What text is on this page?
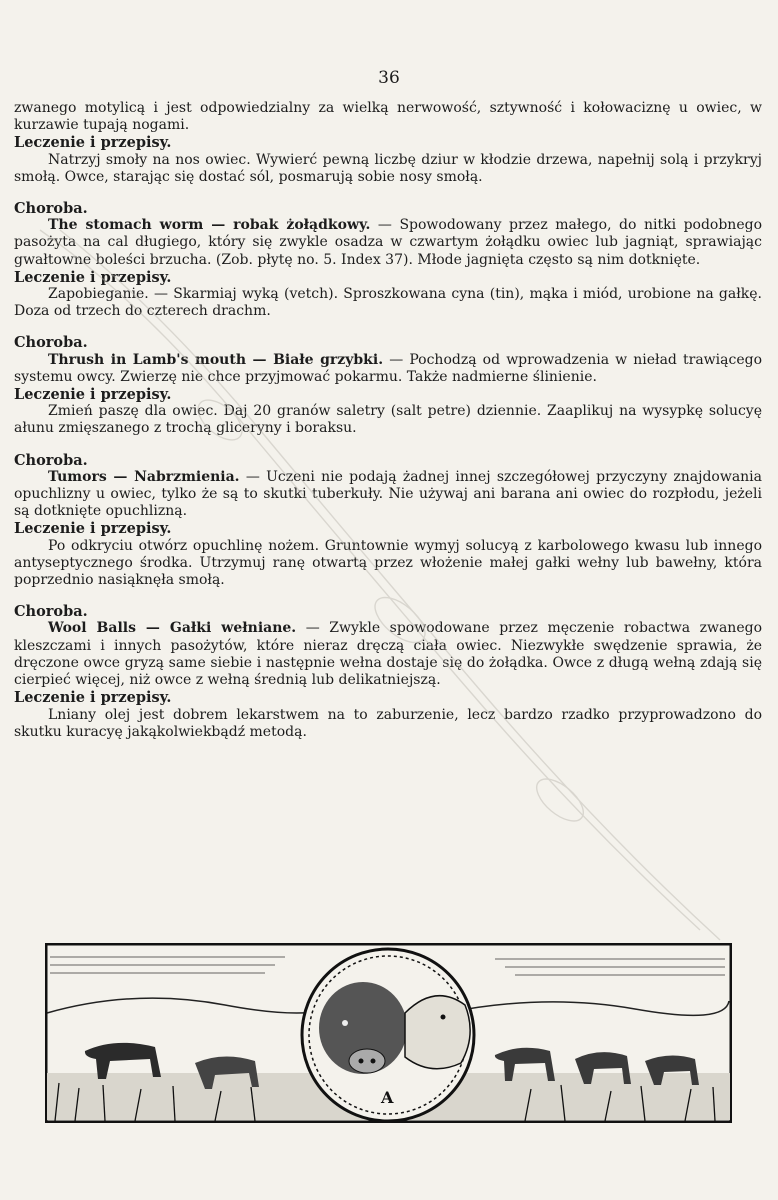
36

zwanego motylicą i jest odpowiedzialny za wielką nerwowość, sztywność i kołowaciznę u owiec, w kurzawie tupają nogami.

Leczenie i przepisy.

Natrzyj smoły na nos owiec. Wywierć pewną liczbę dziur w kłodzie drzewa, napełnij solą i przykryj smołą. Owce, starając się dostać sól, posmarują sobie nosy smołą.

Choroba.

The stomach worm — robak żołądkowy. — Spowodowany przez małego, do nitki podobnego pasożyta na cal długiego, który się zwykle osadza w czwartym żołądku owiec lub jagniąt, sprawiając gwałtowne boleści brzucha. (Zob. płytę no. 5. Index 37). Młode jagnięta często są nim dotknięte.

Leczenie i przepisy.

Zapobieganie. — Skarmiaj wyką (vetch). Sproszkowana cyna (tin), mąka i miód, urobione na gałkę. Doza od trzech do czterech drachm.

Choroba.

Thrush in Lamb's mouth — Białe grzybki. — Pochodzą od wprowadzenia w nieład trawiącego systemu owcy. Zwierzę nie chce przyjmować pokarmu. Także nadmierne ślinienie.

Leczenie i przepisy.

Zmień paszę dla owiec. Daj 20 granów saletry (salt petre) dziennie. Zaaplikuj na wysypkę solucyę ałunu zmięszanego z trochą gliceryny i boraksu.

Choroba.

Tumors — Nabrzmienia. — Uczeni nie podają żadnej innej szczegółowej przyczyny znajdowania opuchlizny u owiec, tylko że są to skutki tuberkuły. Nie używaj ani barana ani owiec do rozpłodu, jeżeli są dotknięte opuchlizną.

Leczenie i przepisy.

Po odkryciu otwórz opuchlinę nożem. Gruntownie wymyj solucyą z karbolowego kwasu lub innego antyseptycznego środka. Utrzymuj ranę otwartą przez włożenie małej gałki wełny lub bawełny, która poprzednio nasiąknęła smołą.

Choroba.

Wool Balls — Gałki wełniane. — Zwykle spowodowane przez męczenie robactwa zwanego kleszczami i innych pasożytów, które nieraz dręczą ciała owiec. Niezwykłe swędzenie sprawia, że dręczone owce gryzą same siebie i następnie wełna dostaje się do żołądka. Owce z długą wełną zdają się cierpieć więcej, niż owce z wełną średnią lub delikatniejszą.

Leczenie i przepisy.

Lniany olej jest dobrem lekarstwem na to zaburzenie, lecz bardzo rzadko przyprowadzono do skutku kuracyę jakąkolwiekbądź metodą.

A
